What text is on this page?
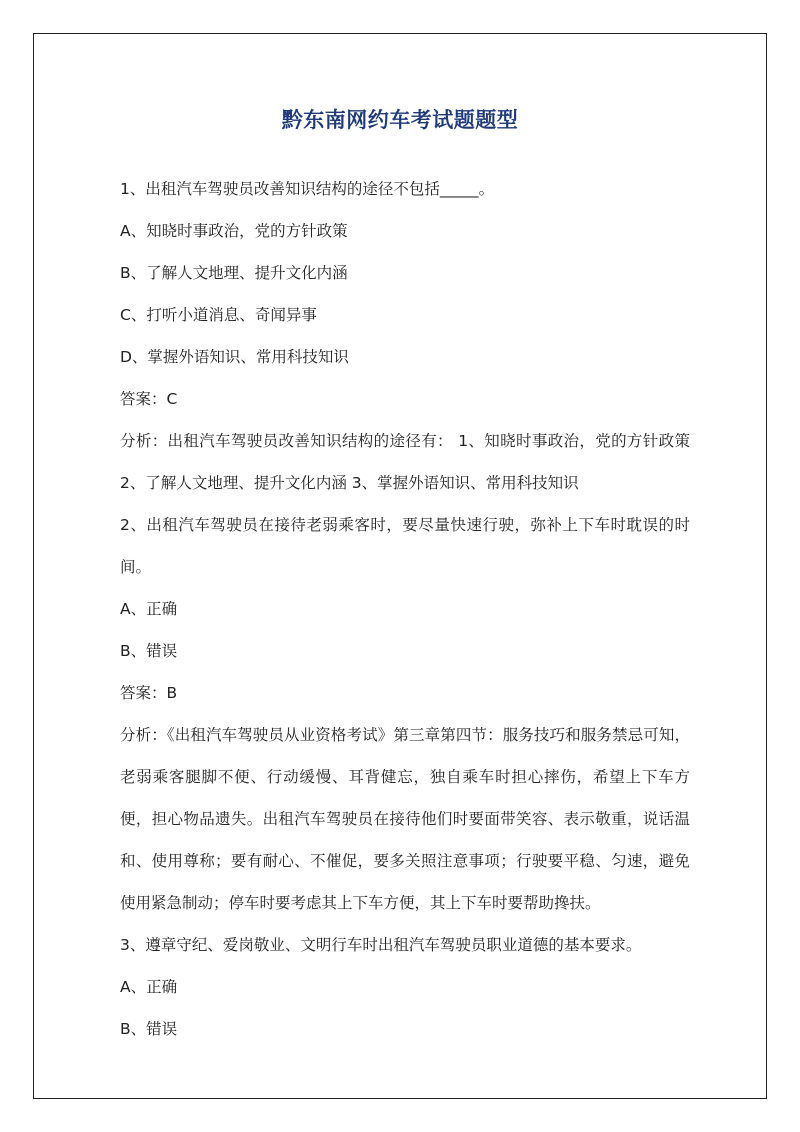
黔东南网约车考试题题型

1、出租汽车驾驶员改善知识结构的途径不包括_____。

A、知晓时事政治，党的方针政策

B、了解人文地理、提升文化内涵

C、打听小道消息、奇闻异事

D、掌握外语知识、常用科技知识

答案：C

分析：出租汽车驾驶员改善知识结构的途径有： 1、知晓时事政治，党的方针政策 2、了解人文地理、提升文化内涵 3、掌握外语知识、常用科技知识

2、出租汽车驾驶员在接待老弱乘客时，要尽量快速行驶，弥补上下车时耽误的时间。

A、正确

B、错误

答案：B

分析：《出租汽车驾驶员从业资格考试》第三章第四节：服务技巧和服务禁忌可知，老弱乘客腿脚不便、行动缓慢、耳背健忘，独自乘车时担心摔伤，希望上下车方便，担心物品遗失。出租汽车驾驶员在接待他们时要面带笑容、表示敬重，说话温和、使用尊称；要有耐心、不催促，要多关照注意事项；行驶要平稳、匀速，避免使用紧急制动；停车时要考虑其上下车方便，其上下车时要帮助搀扶。

3、遵章守纪、爱岗敬业、文明行车时出租汽车驾驶员职业道德的基本要求。

A、正确

B、错误
